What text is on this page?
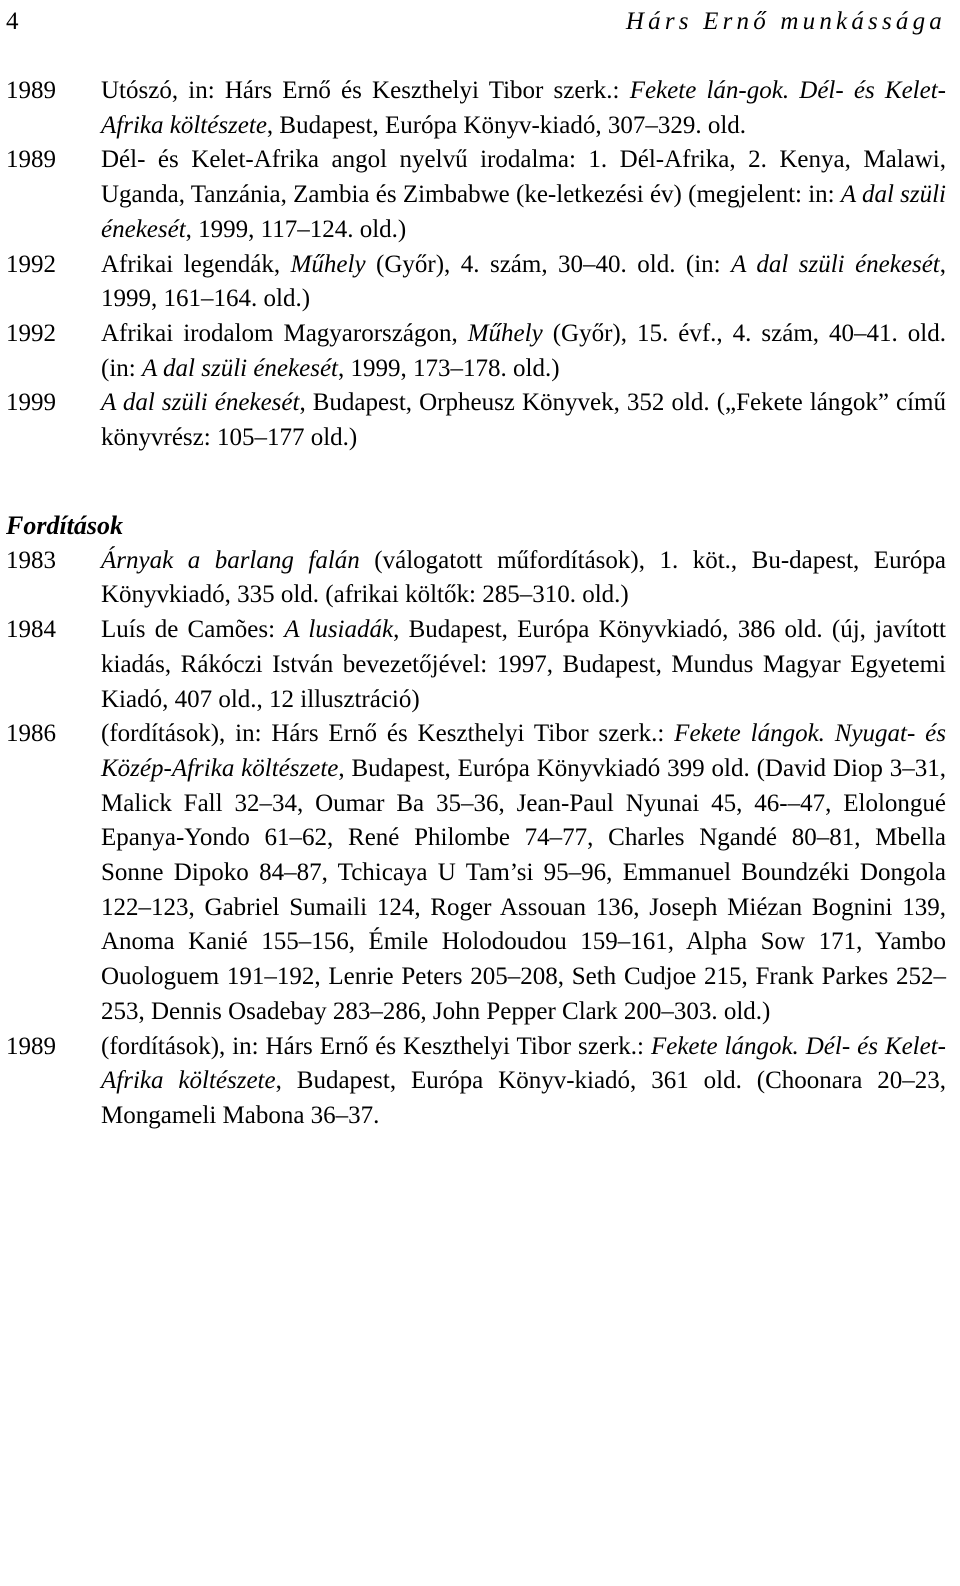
4	Hárs Ernő munkássága
1989	Utószó, in: Hárs Ernő és Keszthelyi Tibor szerk.: Fekete lán-gok. Dél- és Kelet-Afrika költészete, Budapest, Európa Könyv-kiadó, 307–329. old.
1989	Dél- és Kelet-Afrika angol nyelvű irodalma: 1. Dél-Afrika, 2. Kenya, Malawi, Uganda, Tanzánia, Zambia és Zimbabwe (ke-letkezési év) (megjelent: in: A dal szüli énekesét, 1999, 117–124. old.)
1992	Afrikai legendák, Műhely (Győr), 4. szám, 30–40. old. (in: A dal szüli énekesét, 1999, 161–164. old.)
1992	Afrikai irodalom Magyarországon, Műhely (Győr), 15. évf., 4. szám, 40–41. old. (in: A dal szüli énekesét, 1999, 173–178. old.)
1999	A dal szüli énekesét, Budapest, Orpheusz Könyvek, 352 old. („Fekete lángok” című könyvrész: 105–177 old.)
Fordítások
1983	Árnyak a barlang falán (válogatott műfordítások), 1. köt., Bu-dapest, Európa Könyvkiadó, 335 old. (afrikai költők: 285–310. old.)
1984	Luís de Camões: A lusiadák, Budapest, Európa Könyvkiadó, 386 old. (új, javított kiadás, Rákóczi István bevezetőjével: 1997, Budapest, Mundus Magyar Egyetemi Kiadó, 407 old., 12 illusztráció)
1986	(fordítások), in: Hárs Ernő és Keszthelyi Tibor szerk.: Fekete lángok. Nyugat- és Közép-Afrika költészete, Budapest, Európa Könyvkiadó 399 old. (David Diop 3–31, Malick Fall 32–34, Oumar Ba 35–36, Jean-Paul Nyunai 45, 46-–47, Elolongué Epanya-Yondo 61–62, René Philombe 74–77, Charles Ngandé 80–81, Mbella Sonne Dipoko 84–87, Tchicaya U Tam’si 95–96, Emmanuel Boundzéki Dongola 122–123, Gabriel Sumaili 124, Roger Assouan 136, Joseph Miézan Bognini 139, Anoma Kanié 155–156, Émile Holodoudou 159–161, Alpha Sow 171, Yambo Ouologuem 191–192, Lenrie Peters 205–208, Seth Cudjoe 215, Frank Parkes 252–253, Dennis Osadebay 283–286, John Pepper Clark 200–303. old.)
1989	(fordítások), in: Hárs Ernő és Keszthelyi Tibor szerk.: Fekete lángok. Dél- és Kelet-Afrika költészete, Budapest, Európa Könyv-kiadó, 361 old. (Choonara 20–23, Mongameli Mabona 36–37.
